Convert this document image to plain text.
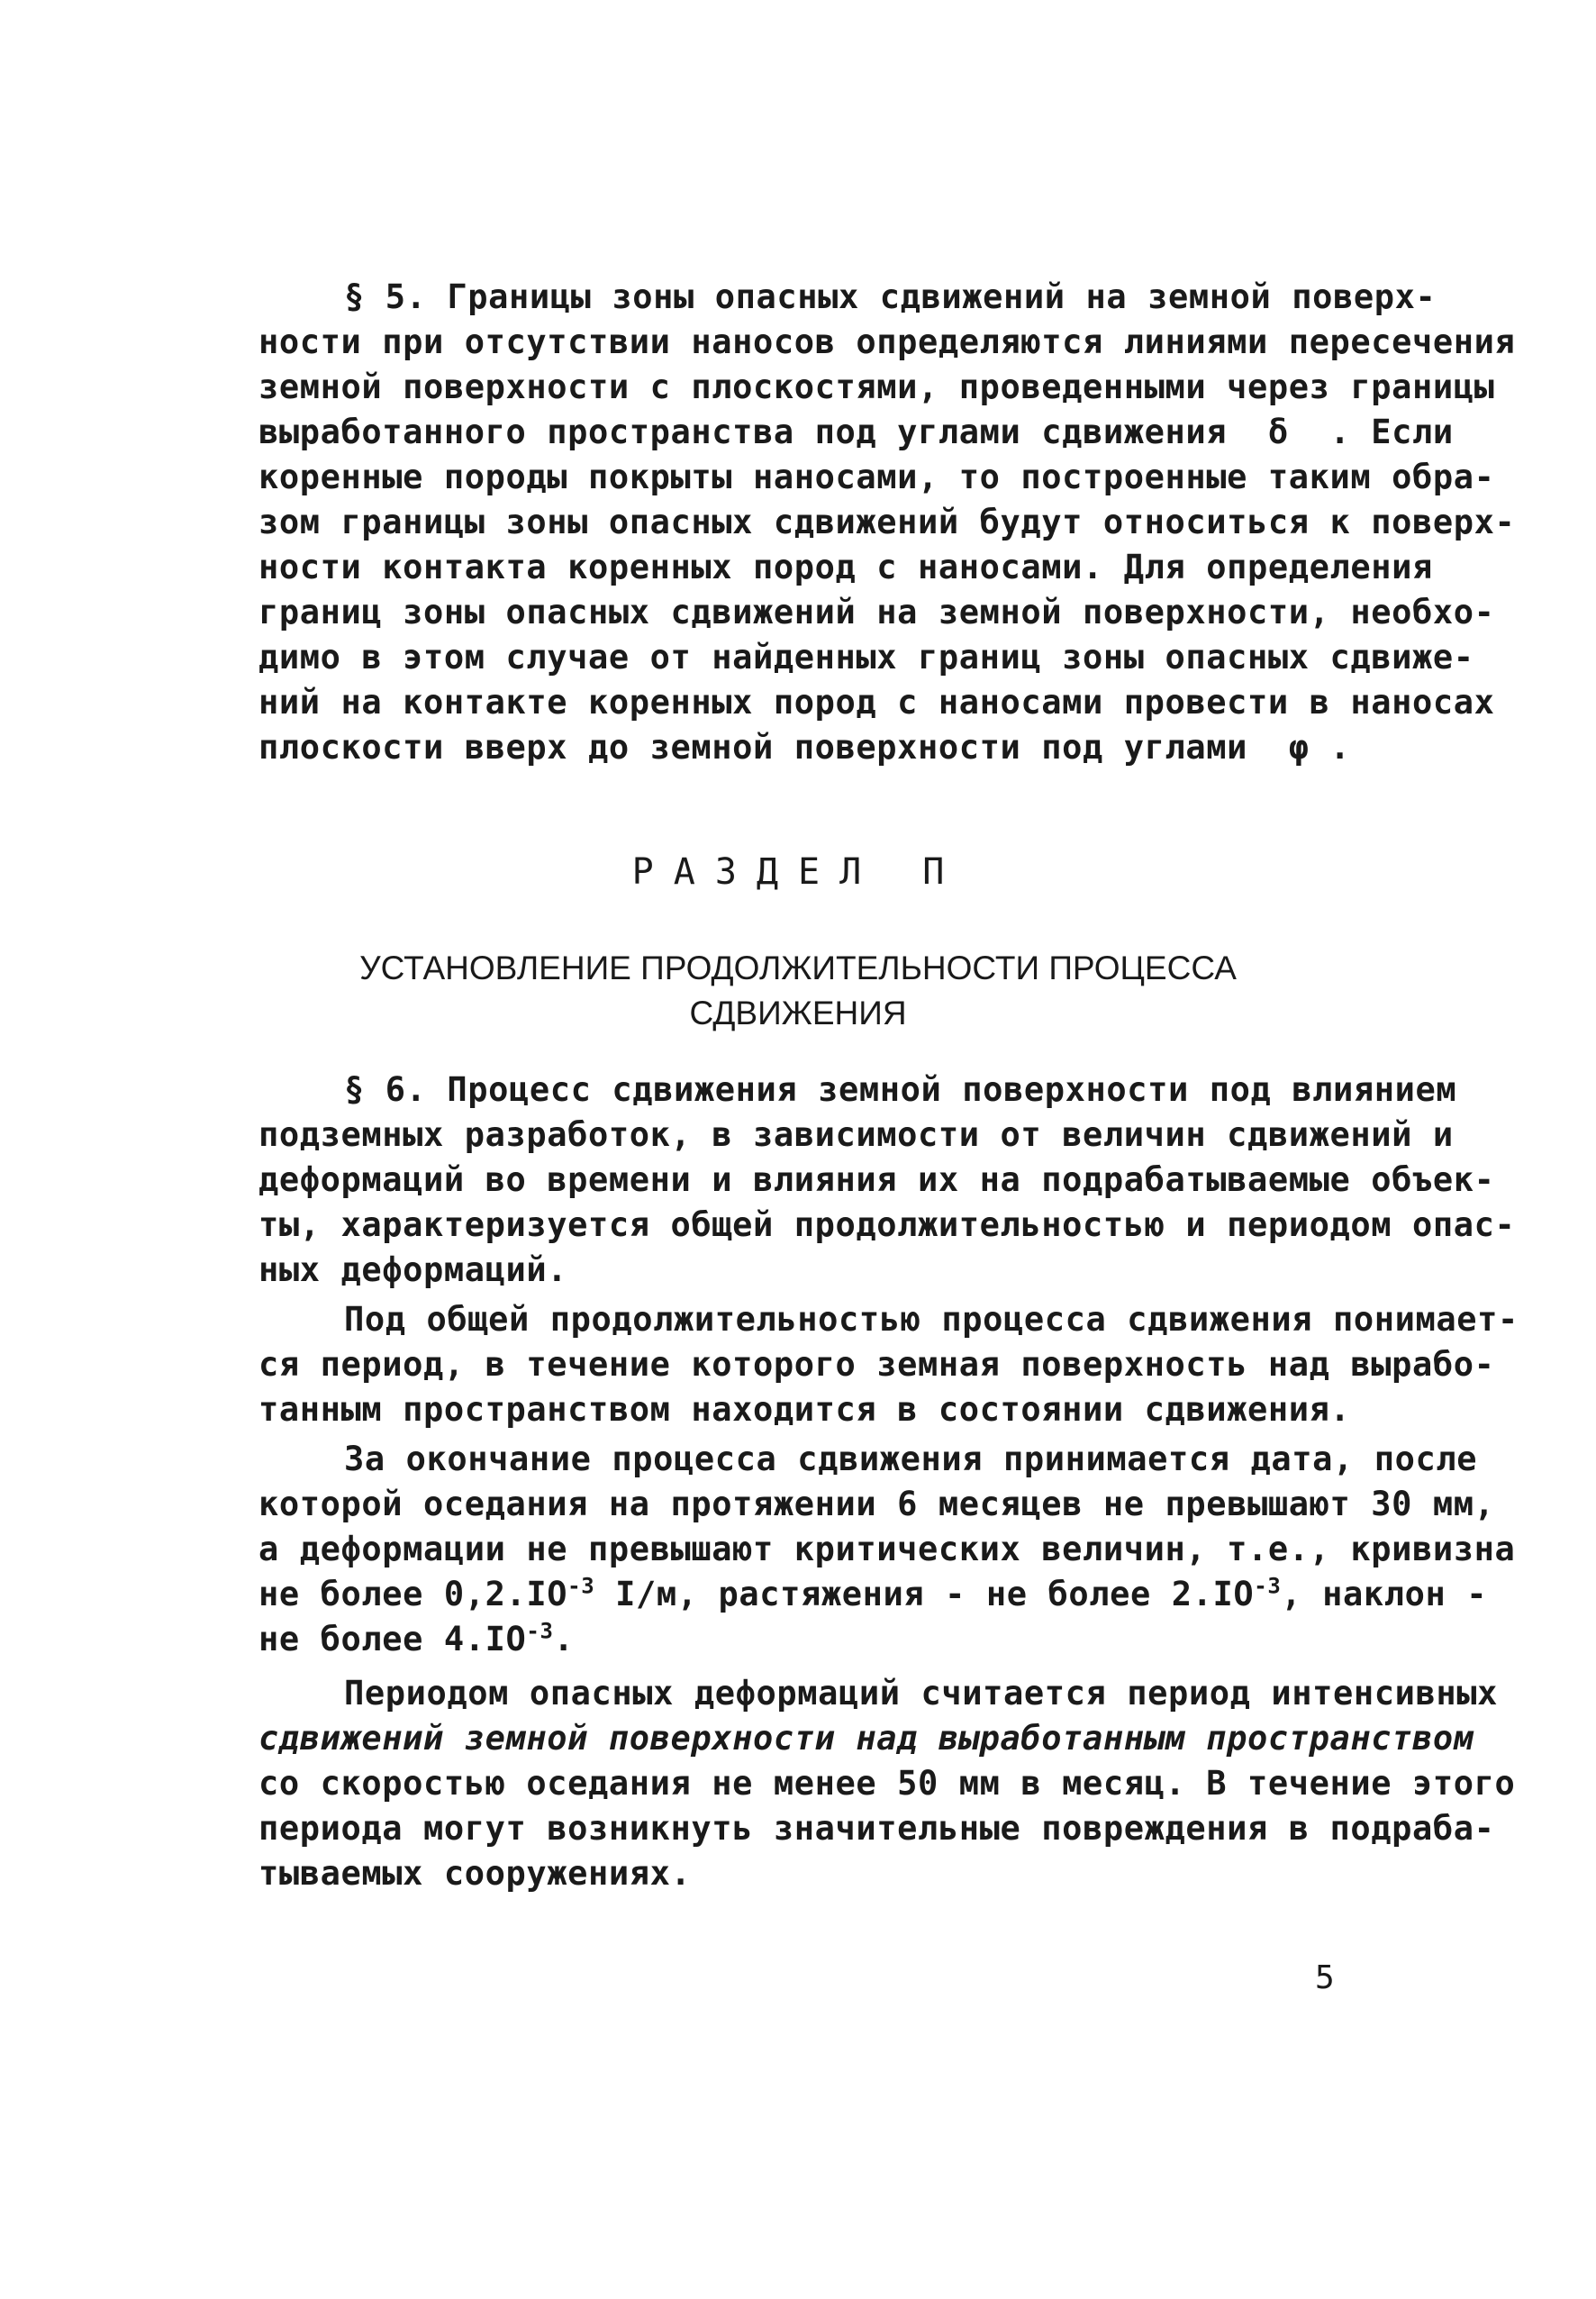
§ 5. Границы зоны опасных сдвижений на земной поверх-
ности при отсутствии наносов определяются линиями пересечения
земной поверхности с плоскостями, проведенными через границы
выработанного пространства под углами сдвижения  δ  . Если
коренные породы покрыты наносами, то построенные таким обра-
зом границы зоны опасных сдвижений будут относиться к поверх-
ности контакта коренных пород с наносами. Для определения
границ зоны опасных сдвижений на земной поверхности, необхо-
димо в этом случае от найденных границ зоны опасных сдвиже-
ний на контакте коренных пород с наносами провести в наносах
плоскости вверх до земной поверхности под углами  φ .
РАЗДЕЛ П
УСТАНОВЛЕНИЕ ПРОДОЛЖИТЕЛЬНОСТИ ПРОЦЕССА
СДВИЖЕНИЯ
§ 6. Процесс сдвижения земной поверхности под влиянием
подземных разработок, в зависимости от величин сдвижений и
деформаций во времени и влияния их на подрабатываемые объек-
ты, характеризуется общей продолжительностью и периодом опас-
ных деформаций.
Под общей продолжительностью процесса сдвижения понимает-
ся период, в течение которого земная поверхность над вырабо-
танным пространством находится в состоянии сдвижения.
За окончание процесса сдвижения принимается дата, после
которой оседания на протяжении 6 месяцев не превышают 30 мм,
а деформации не превышают критических величин, т.е., кривизна
не более $0,2.IO^{-3}$ I/м, растяжения - не более $2.IO^{-3}$, наклон -
не более $4.IO^{-3}$.
Периодом опасных деформаций считается период интенсивных
сдвижений земной поверхности над выработанным пространством
со скоростью оседания не менее 50 мм в месяц. В течение этого
периода могут возникнуть значительные повреждения в подраба-
тываемых сооружениях.
5
